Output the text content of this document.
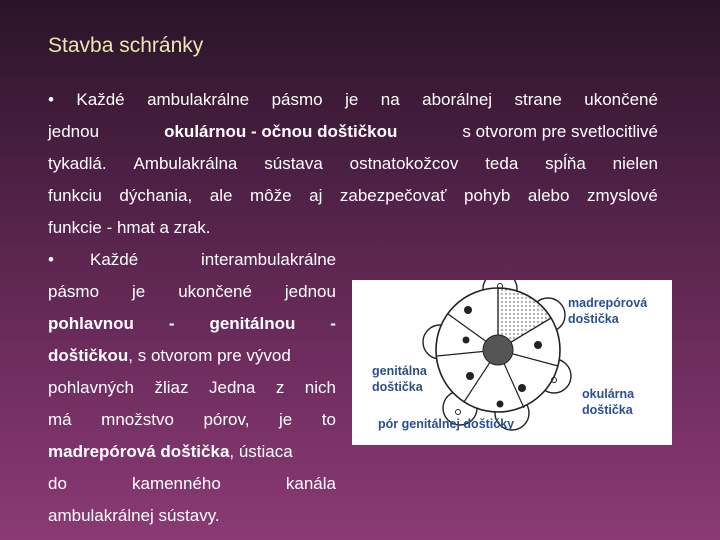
Stavba schránky
• Každé ambulakrálne pásmo je na aborálnej strane ukončené
jednou	okulárnou - očnou doštičkou	s otvorom pre svetlocitlivé
tykadlá. Ambulakrálna sústava ostnatokožcov teda spĺňa nielen
funkciu dýchania, ale môže aj zabezpečovať pohyb alebo zmyslové
funkcie - hmat a zrak.
• Každé	interambulakrálne
pásmo je ukončené jednou
pohlavnou - genitálnou -
doštičkou, s otvorom pre vývod
pohlavných žliaz Jedna z nich
má množstvo pórov, je to
madrepórová doštička, ústiaca
do	kamenného	kanála
ambulakrálnej sústavy.
madrepórová
doštička
genitálna
doštička	okulárna
doštička
pór genitálnej doštičky
